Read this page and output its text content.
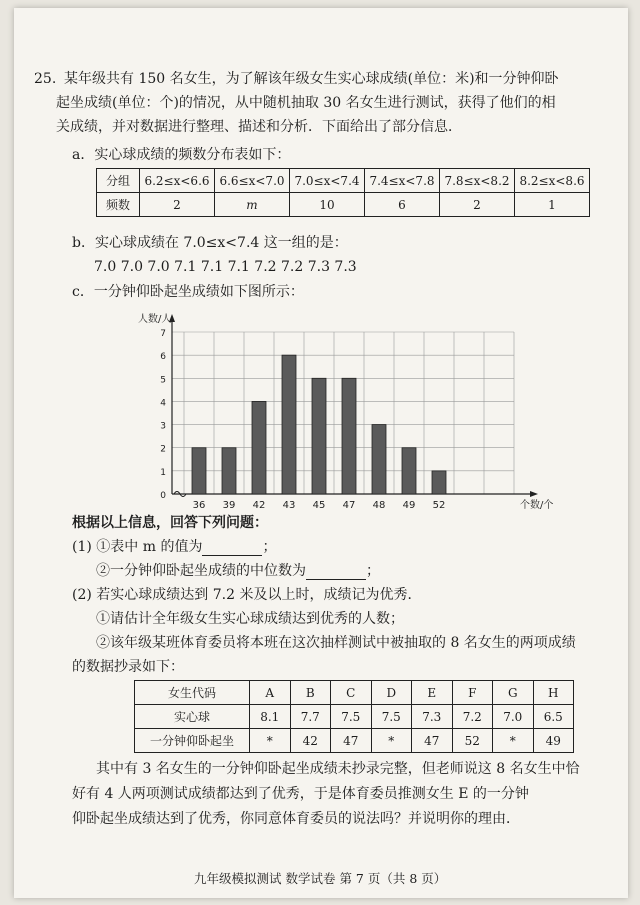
25. 某年级共有 150 名女生，为了解该年级女生实心球成绩(单位：米)和一分钟仰卧
起坐成绩(单位：个)的情况，从中随机抽取 30 名女生进行测试，获得了他们的相
关成绩，并对数据进行整理、描述和分析．下面给出了部分信息．
a．实心球成绩的频数分布表如下：
分组	6.2≤x<6.6	6.6≤x<7.0	7.0≤x<7.4	7.4≤x<7.8	7.8≤x<8.2	8.2≤x<8.6
频数	2	m	10	6	2	1
b．实心球成绩在 7.0≤x<7.4 这一组的是：
7.0 7.0 7.0 7.1 7.1 7.1 7.2 7.2 7.3 7.3
c．一分钟仰卧起坐成绩如下图所示：
0
1
2
3
4
5
6
7
人数/人
36 39 42 43 45 47 48 49 52	个数/个
根据以上信息，回答下列问题：
(1) ①表中 m 的值为	；
②一分钟仰卧起坐成绩的中位数为	；
(2) 若实心球成绩达到 7.2 米及以上时，成绩记为优秀．
①请估计全年级女生实心球成绩达到优秀的人数；
②该年级某班体育委员将本班在这次抽样测试中被抽取的 8 名女生的两项成绩
的数据抄录如下：
女生代码	A	B	C	D	E	F	G	H
实心球	8.1	7.7	7.5	7.5	7.3	7.2	7.0	6.5
一分钟仰卧起坐	*	42	47	*	47	52	*	49
其中有 3 名女生的一分钟仰卧起坐成绩未抄录完整，但老师说这 8 名女生中恰
好有 4 人两项测试成绩都达到了优秀，于是体育委员推测女生 E 的一分钟
仰卧起坐成绩达到了优秀，你同意体育委员的说法吗？并说明你的理由．
九年级模拟测试 数学试卷 第 7 页（共 8 页）
